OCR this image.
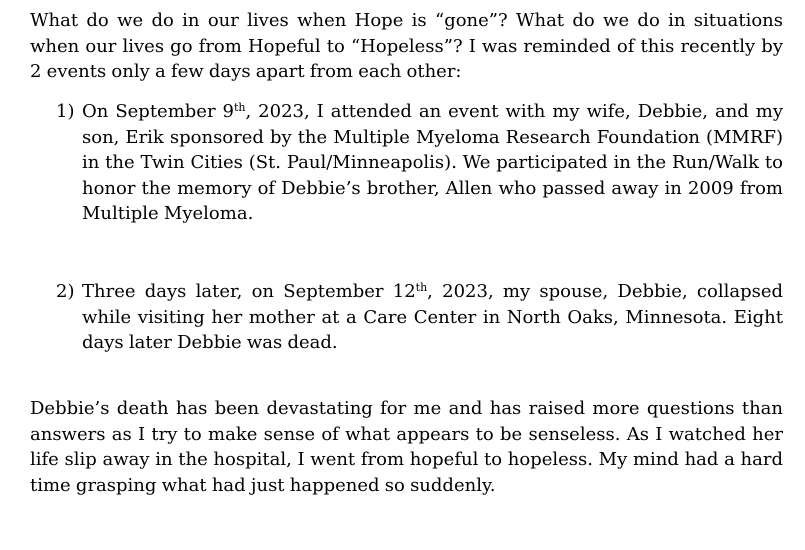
What do we do in our lives when Hope is “gone”? What do we do in situations when our lives go from Hopeful to “Hopeless”? I was reminded of this recently by 2 events only a few days apart from each other:

1) On September 9th, 2023, I attended an event with my wife, Debbie, and my son, Erik sponsored by the Multiple Myeloma Research Foundation (MMRF) in the Twin Cities (St. Paul/Minneapolis). We participated in the Run/Walk to honor the memory of Debbie’s brother, Allen who passed away in 2009 from Multiple Myeloma.
2) Three days later, on September 12th, 2023, my spouse, Debbie, collapsed while visiting her mother at a Care Center in North Oaks, Minnesota. Eight days later Debbie was dead.

Debbie’s death has been devastating for me and has raised more questions than answers as I try to make sense of what appears to be senseless. As I watched her life slip away in the hospital, I went from hopeful to hopeless. My mind had a hard time grasping what had just happened so suddenly.
